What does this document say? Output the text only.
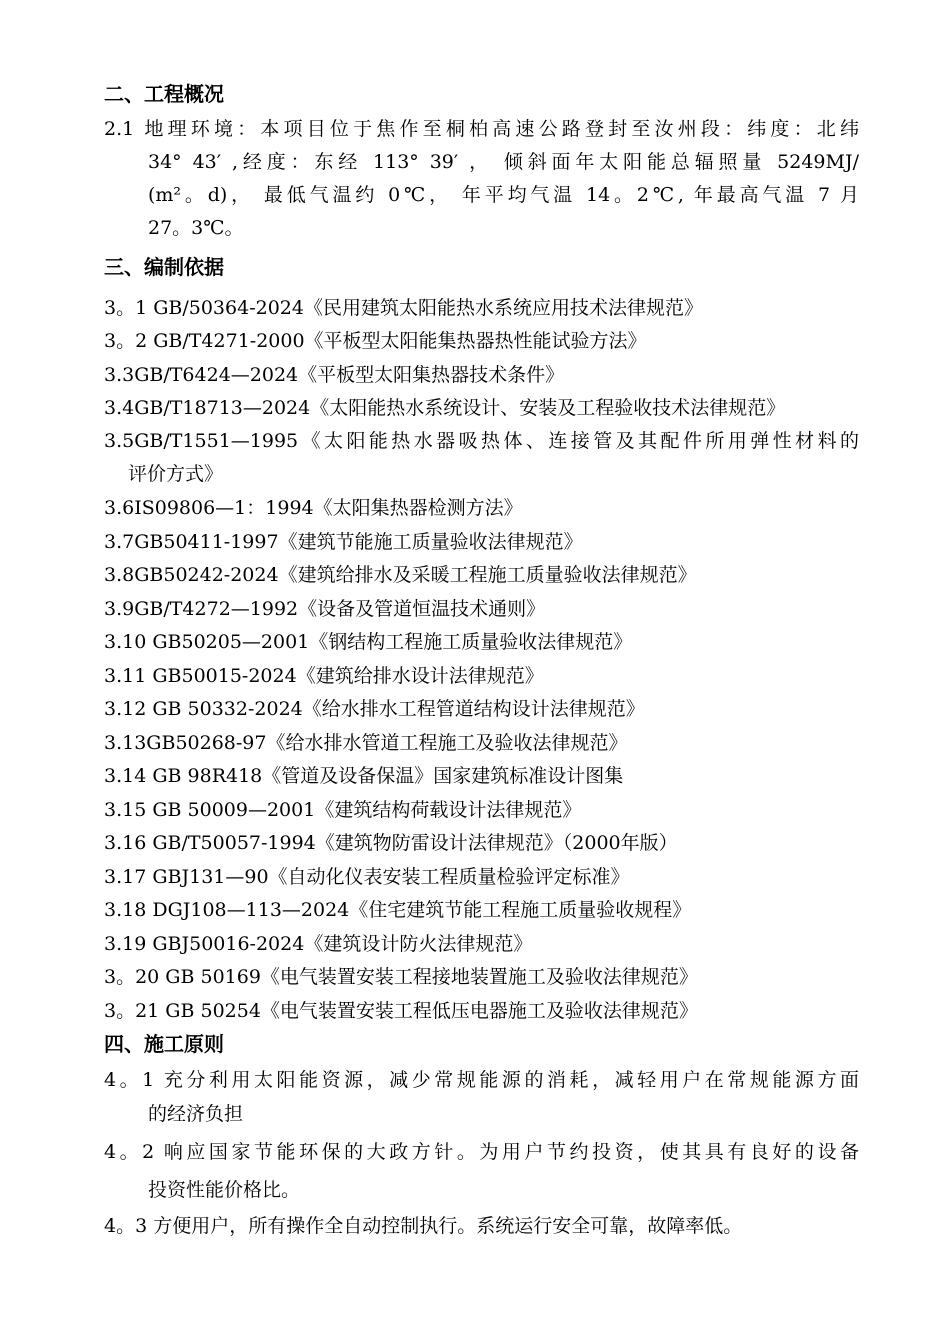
二、工程概况
2.1 地理环境：本项目位于焦作至桐柏高速公路登封至汝州段：纬度：北纬
34° 43′ ,经度：东经 113° 39′ ， 倾斜面年太阳能总辐照量 5249MJ/
(m²。d)， 最低气温约 0℃， 年平均气温 14。2℃, 年最高气温 7 月
27。3℃。
三、编制依据
3。1 GB/50364-2024《民用建筑太阳能热水系统应用技术法律规范》
3。2 GB/T4271-2000《平板型太阳能集热器热性能试验方法》
3.3GB/T6424—2024《平板型太阳集热器技术条件》
3.4GB/T18713—2024《太阳能热水系统设计、安装及工程验收技术法律规范》
3.5GB/T1551—1995《太阳能热水器吸热体、连接管及其配件所用弹性材料的
评价方式》
3.6IS09806—1：1994《太阳集热器检测方法》
3.7GB50411-1997《建筑节能施工质量验收法律规范》
3.8GB50242-2024《建筑给排水及采暖工程施工质量验收法律规范》
3.9GB/T4272—1992《设备及管道恒温技术通则》
3.10 GB50205—2001《钢结构工程施工质量验收法律规范》
3.11 GB50015-2024《建筑给排水设计法律规范》
3.12 GB 50332-2024《给水排水工程管道结构设计法律规范》
3.13GB50268-97《给水排水管道工程施工及验收法律规范》
3.14 GB 98R418《管道及设备保温》国家建筑标准设计图集
3.15 GB 50009—2001《建筑结构荷载设计法律规范》
3.16 GB/T50057-1994《建筑物防雷设计法律规范》（2000年版）
3.17 GBJ131—90《自动化仪表安装工程质量检验评定标准》
3.18 DGJ108—113—2024《住宅建筑节能工程施工质量验收规程》
3.19 GBJ50016-2024《建筑设计防火法律规范》
3。20 GB 50169《电气装置安装工程接地装置施工及验收法律规范》
3。21 GB 50254《电气装置安装工程低压电器施工及验收法律规范》
四、施工原则
4。1 充分利用太阳能资源，减少常规能源的消耗，减轻用户在常规能源方面
的经济负担
4。2 响应国家节能环保的大政方针。为用户节约投资，使其具有良好的设备
投资性能价格比。
4。3 方便用户，所有操作全自动控制执行。系统运行安全可靠，故障率低。
